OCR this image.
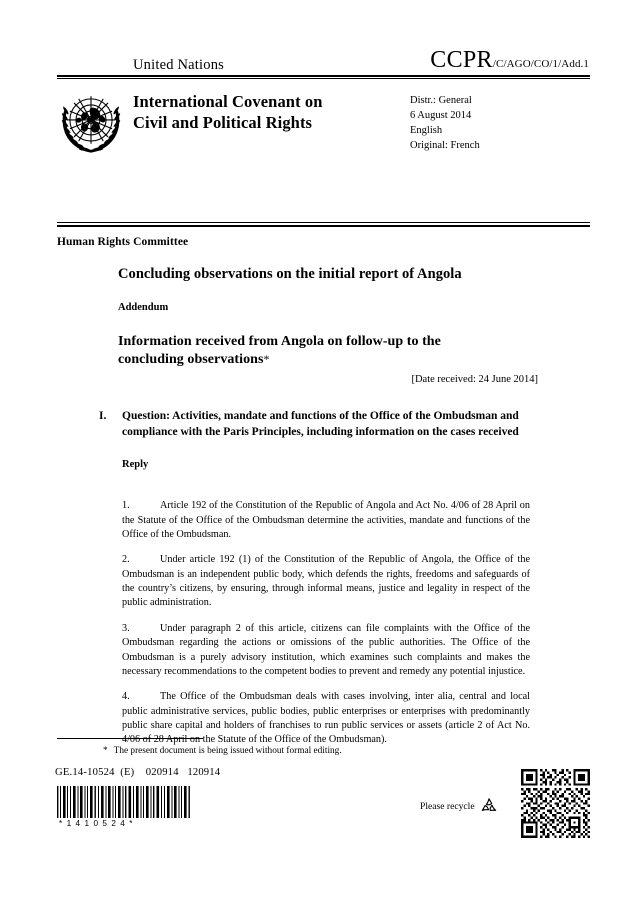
United Nations	CCPR/C/AGO/CO/1/Add.1
International Covenant on
Civil and Political Rights
Distr.: General
6 August 2014
English
Original: French
Human Rights Committee
Concluding observations on the initial report of Angola
Addendum
Information received from Angola on follow-up to the
concluding observations*
[Date received: 24 June 2014]
I.	Question: Activities, mandate and functions of the Office of the Ombudsman and compliance with the Paris Principles, including information on the cases received
Reply

1.	Article 192 of the Constitution of the Republic of Angola and Act No. 4/06 of 28 April on the Statute of the Office of the Ombudsman determine the activities, mandate and functions of the Office of the Ombudsman.

2.	Under article 192 (1) of the Constitution of the Republic of Angola, the Office of the Ombudsman is an independent public body, which defends the rights, freedoms and safeguards of the country’s citizens, by ensuring, through informal means, justice and legality in respect of the public administration.

3.	Under paragraph 2 of this article, citizens can file complaints with the Office of the Ombudsman regarding the actions or omissions of the public authorities. The Office of the Ombudsman is a purely advisory institution, which examines such complaints and makes the necessary recommendations to the competent bodies to prevent and remedy any potential injustice.

4.	The Office of the Ombudsman deals with cases involving, inter alia, central and local public administrative services, public bodies, public enterprises or enterprises with predominantly public share capital and holders of franchises to run public services or assets (article 2 of Act No. 4/06 of 28 April on the Statute of the Office of the Ombudsman).

* The present document is being issued without formal editing.
GE.14-10524  (E)    020914   120914
*1410524*
Please recycle
